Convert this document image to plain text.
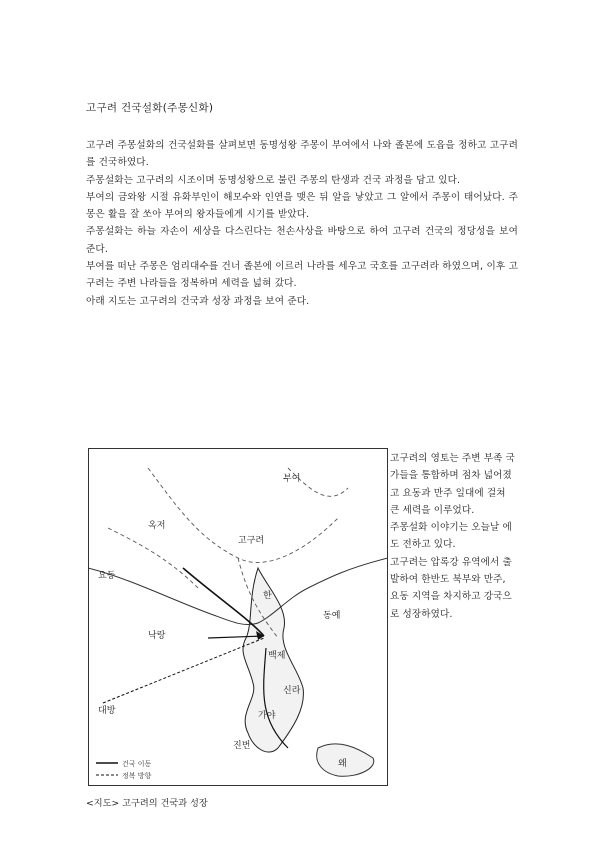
고구려 건국설화(주몽신화)

고구려 주몽설화의 건국설화를 살펴보면 동명성왕 주몽이 부여에서 나와 졸본에 도읍을 정하고 고구려를 건국하였다.

주몽설화는 고구려의 시조이며 동명성왕으로 불린 주몽의 탄생과 건국 과정을 담고 있다.

부여의 금와왕 시절 유화부인이 해모수와 인연을 맺은 뒤 알을 낳았고 그 알에서 주몽이 태어났다. 주몽은 활을 잘 쏘아 부여의 왕자들에게 시기를 받았다.

주몽설화는 하늘 자손이 세상을 다스린다는 천손사상을 바탕으로 하여 고구려 건국의 정당성을 보여 준다.

부여를 떠난 주몽은 엄리대수를 건너 졸본에 이르러 나라를 세우고 국호를 고구려라 하였으며, 이후 고구려는 주변 나라들을 정복하며 세력을 넓혀 갔다.

아래 지도는 고구려의 건국과 성장 과정을 보여 준다.

부여
옥저
고구려
한
동예
백제
신라
가야
왜
낙랑
요동
대방
진번
건국 이동
정복 방향

고구려의 영토는 주변 부족 국가들을 통합하며 점차 넓어졌고 요동과 만주 일대에 걸쳐 큰 세력을 이루었다.

주몽설화 이야기는 오늘날 에도 전하고 있다.

고구려는 압록강 유역에서 출발하여 한반도 북부와 만주, 요동 지역을 차지하고 강국으로 성장하였다.

<지도> 고구려의 건국과 성장
